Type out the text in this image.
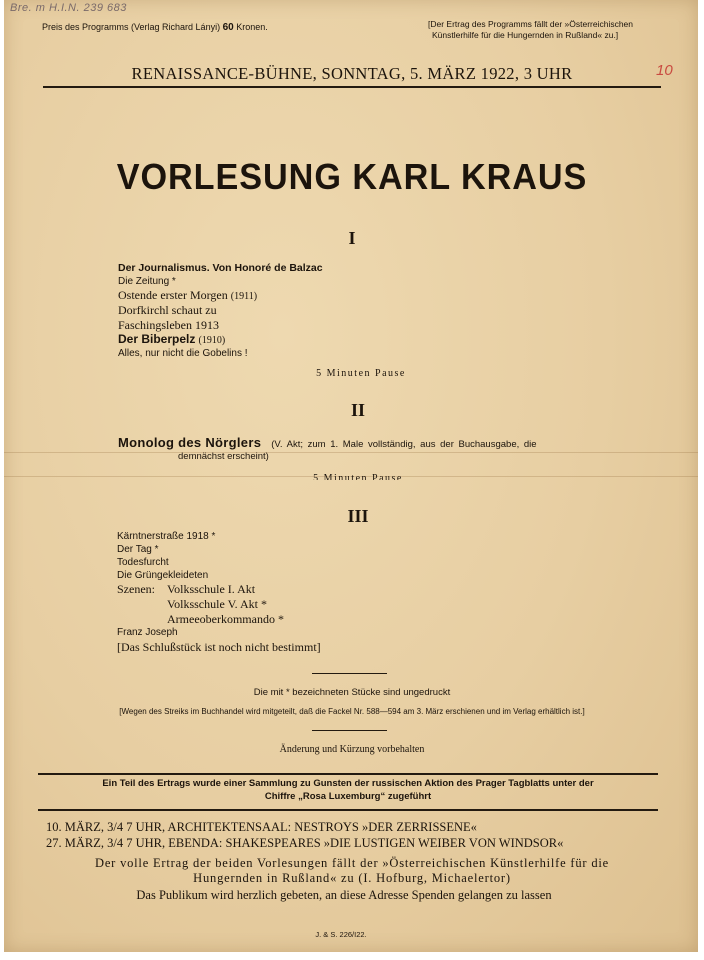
Bre. m H.I.N. 239 683
Preis des Programms (Verlag Richard Lányi) 60 Kronen.	[Der Ertrag des Programms fällt der »Österreichischen
Künstlerhilfe für die Hungernden in Rußland« zu.]
RENAISSANCE-BÜHNE, SONNTAG, 5. MÄRZ 1922, 3 UHR	10
VORLESUNG KARL KRAUS
I
Der Journalismus. Von Honoré de Balzac
Die Zeitung *
Ostende erster Morgen (1911)
Dorfkirchl schaut zu
Faschingsleben 1913
Der Biberpelz (1910)
Alles, nur nicht die Gobelins !
5 Minuten Pause
II
Monolog des Nörglers (V. Akt; zum 1. Male vollständig, aus der Buchausgabe, die
demnächst erscheint)
5 Minuten Pause
III
Kärntnerstraße 1918 *
Der Tag *
Todesfurcht
Die Grüngekleideten
Szenen: Volksschule I. Akt
Volksschule V. Akt *
Armeeoberkommando *
Franz Joseph
[Das Schlußstück ist noch nicht bestimmt]
Die mit * bezeichneten Stücke sind ungedruckt
[Wegen des Streiks im Buchhandel wird mitgeteilt, daß die Fackel Nr. 588—594 am 3. März erschienen und im Verlag erhältlich ist.]
Änderung und Kürzung vorbehalten
Ein Teil des Ertrags wurde einer Sammlung zu Gunsten der russischen Aktion des Prager Tagblatts unter der
Chiffre „Rosa Luxemburg“ zugeführt
10. MÄRZ, 3/4 7 UHR, ARCHITEKTENSAAL: NESTROYS »DER ZERRISSENE«
27. MÄRZ, 3/4 7 UHR, EBENDA: SHAKESPEARES »DIE LUSTIGEN WEIBER VON WINDSOR«
Der volle Ertrag der beiden Vorlesungen fällt der »Österreichischen Künstlerhilfe für die
Hungernden in Rußland« zu (I. Hofburg, Michaelertor)
Das Publikum wird herzlich gebeten, an diese Adresse Spenden gelangen zu lassen
J. & S. 226/I22.
